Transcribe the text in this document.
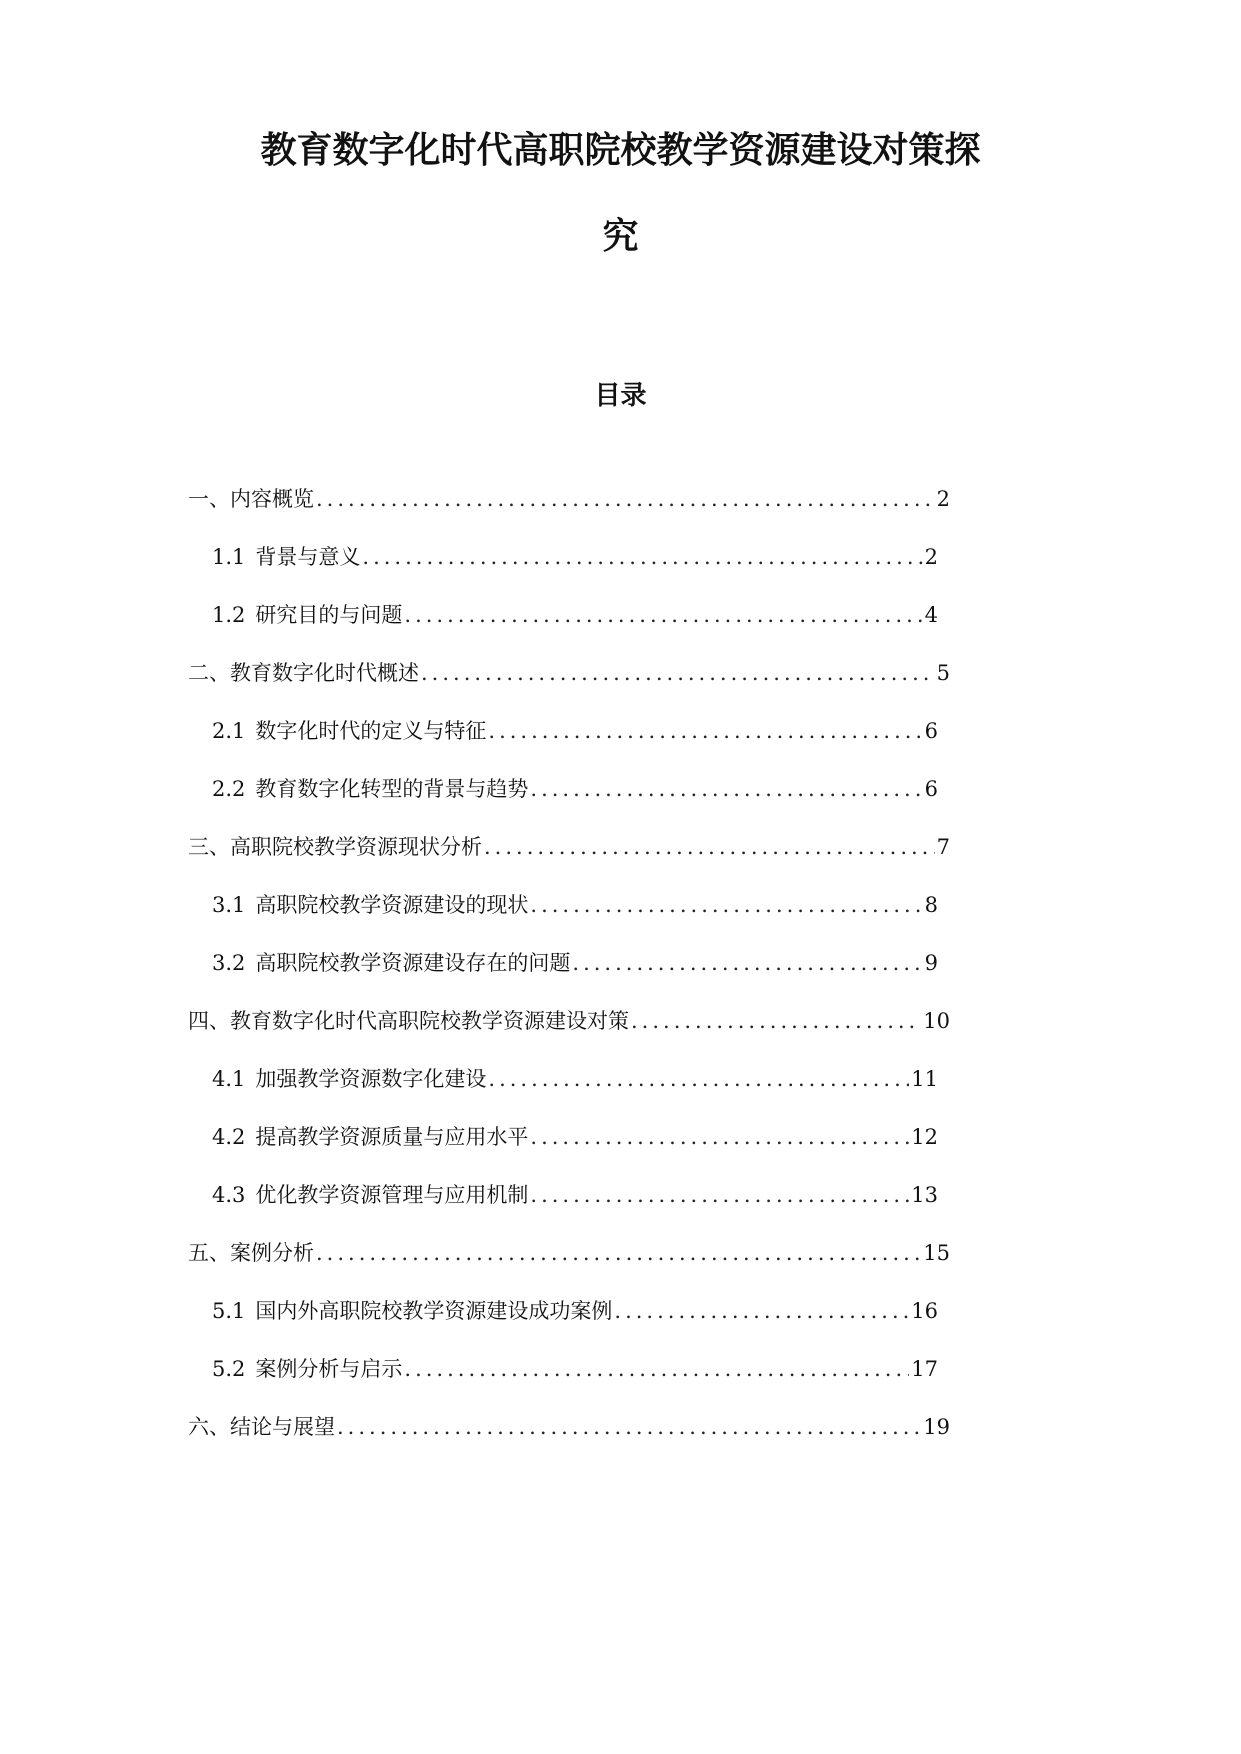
教育数字化时代高职院校教学资源建设对策探
究
目录
一、内容概览 .....	2
1.1 背景与意义 .....	2
1.2 研究目的与问题 .....	4
二、教育数字化时代概述 .....	5
2.1 数字化时代的定义与特征 .....	6
2.2 教育数字化转型的背景与趋势 .....	6
三、高职院校教学资源现状分析 .....	7
3.1 高职院校教学资源建设的现状 .....	8
3.2 高职院校教学资源建设存在的问题 .....	9
四、教育数字化时代高职院校教学资源建设对策 .....	10
4.1 加强教学资源数字化建设 .....	11
4.2 提高教学资源质量与应用水平 .....	12
4.3 优化教学资源管理与应用机制 .....	13
五、案例分析 .....	15
5.1 国内外高职院校教学资源建设成功案例 .....	16
5.2 案例分析与启示 .....	17
六、结论与展望 .....	19
